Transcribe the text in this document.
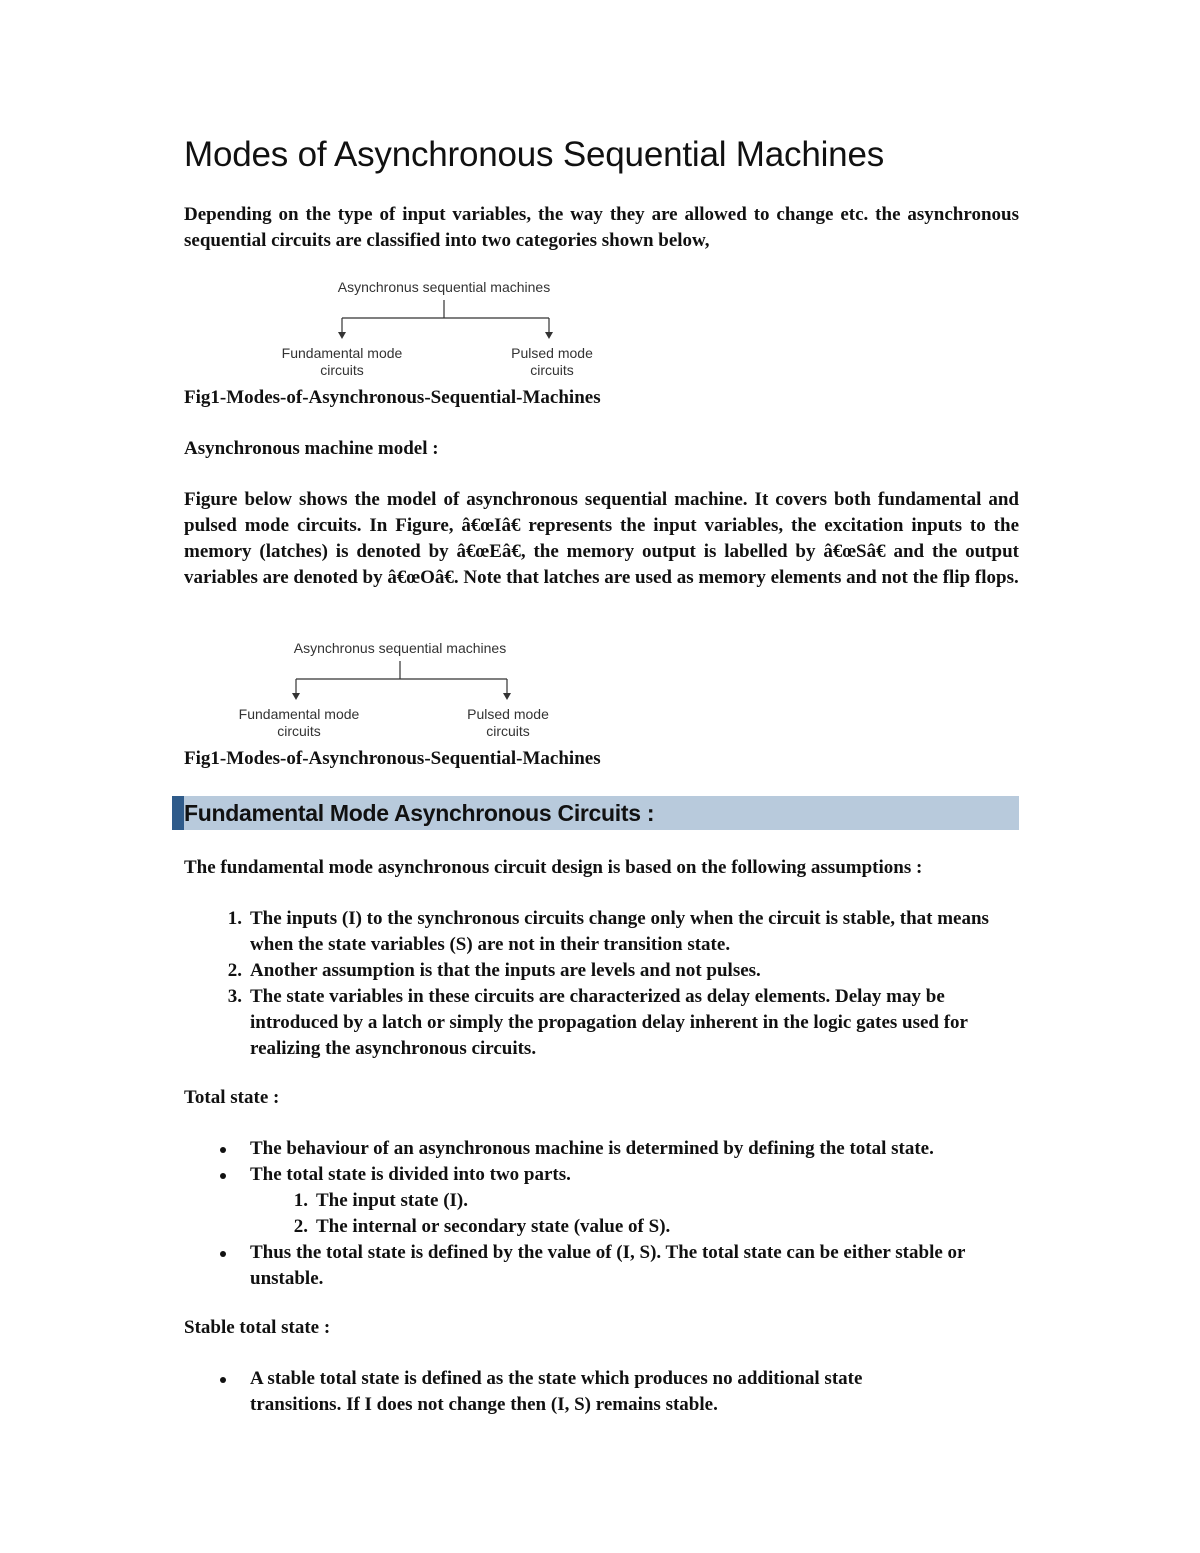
Modes of Asynchronous Sequential Machines

Depending on the type of input variables, the way they are allowed to change etc. the asynchronous sequential circuits are classified into two categories shown below,

Asynchronus sequential machines
Fundamental mode
circuits
Pulsed mode
circuits

Fig1-Modes-of-Asynchronous-Sequential-Machines

Asynchronous machine model :

Figure below shows the model of asynchronous sequential machine. It covers both fundamental and pulsed mode circuits. In Figure, â€œIâ€ represents the input variables, the excitation inputs to the memory (latches) is denoted by â€œEâ€, the memory output is labelled by â€œSâ€ and the output variables are denoted by â€œOâ€. Note that latches are used as memory elements and not the flip flops.

Asynchronus sequential machines
Fundamental mode
circuits
Pulsed mode
circuits

Fig1-Modes-of-Asynchronous-Sequential-Machines

Fundamental Mode Asynchronous Circuits :

The fundamental mode asynchronous circuit design is based on the following assumptions :

1. The inputs (I) to the synchronous circuits change only when the circuit is stable, that means when the state variables (S) are not in their transition state.
2. Another assumption is that the inputs are levels and not pulses.
3. The state variables in these circuits are characterized as delay elements. Delay may be introduced by a latch or simply the propagation delay inherent in the logic gates used for realizing the asynchronous circuits.

Total state :

The behaviour of an asynchronous machine is determined by defining the total state.
The total state is divided into two parts.
1. The input state (I).
2. The internal or secondary state (value of S).
Thus the total state is defined by the value of (I, S). The total state can be either stable or unstable.

Stable total state :

A stable total state is defined as the state which produces no additional state transitions. If I does not change then (I, S) remains stable.
